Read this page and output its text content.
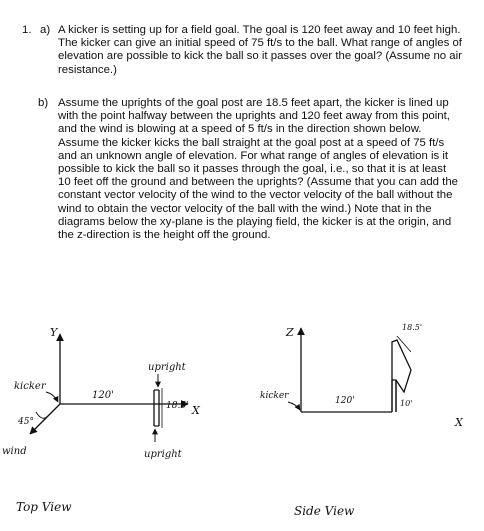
1. a) A kicker is setting up for a field goal. The goal is 120 feet away and 10 feet high. The kicker can give an initial speed of 75 ft/s to the ball. What range of angles of elevation are possible to kick the ball so it passes over the goal? (Assume no air resistance.)
b) Assume the uprights of the goal post are 18.5 feet apart, the kicker is lined up with the point halfway between the uprights and 120 feet away from this point, and the wind is blowing at a speed of 5 ft/s in the direction shown below. Assume the kicker kicks the ball straight at the goal post at a speed of 75 ft/s and an unknown angle of elevation. For what range of angles of elevation is it possible to kick the ball so it passes through the goal, i.e., so that it is at least 10 feet off the ground and between the uprights? (Assume that you can add the constant vector velocity of the wind to the vector velocity of the ball without the wind to obtain the vector velocity of the ball with the wind.) Note that in the diagrams below the xy-plane is the playing field, the kicker is at the origin, and the z-direction is the height off the ground.
Y
X
kicker
120'
18.5'
upright
upright
45°
wind
Top View
Z
X
kicker	120'	10'
18.5'
Side View
